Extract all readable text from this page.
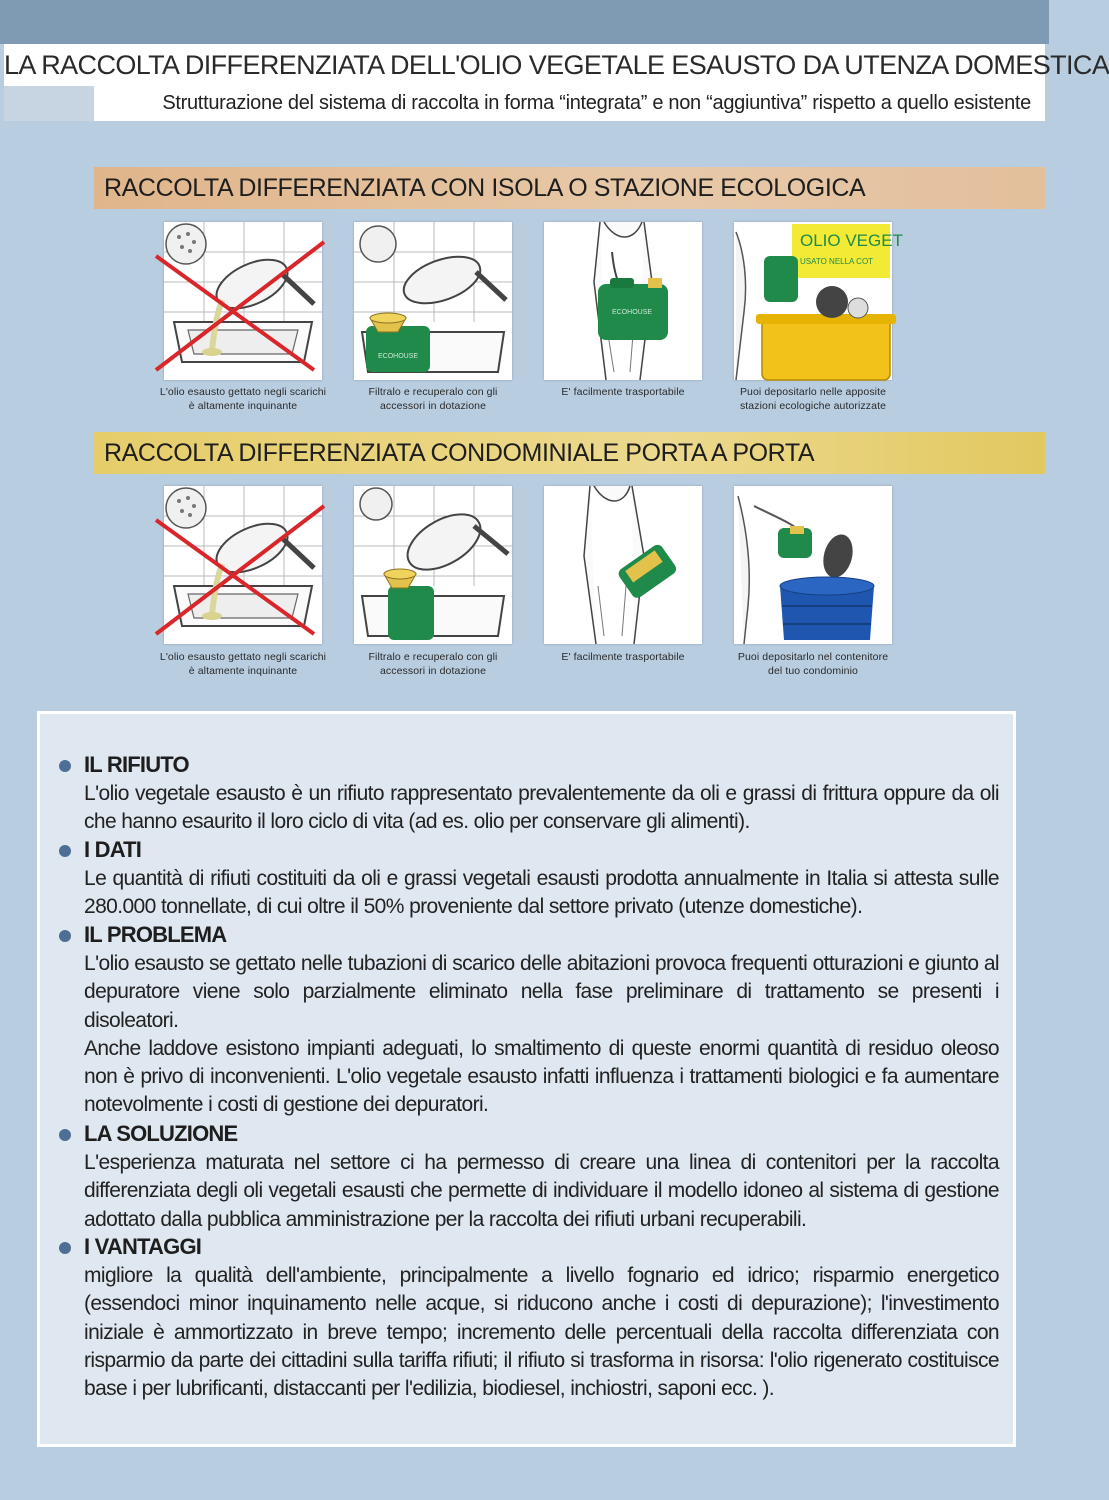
LA RACCOLTA DIFFERENZIATA DELL'OLIO VEGETALE ESAUSTO DA UTENZA DOMESTICA
Strutturazione del sistema di raccolta in forma “integrata” e non “aggiuntiva” rispetto a quello esistente
RACCOLTA DIFFERENZIATA CON ISOLA O STAZIONE ECOLOGICA
ECOHOUSE
ECOHOUSE
OLIO VEGET
USATO NELLA COT
L'olio esausto gettato negli scarichi
è altamente inquinante
Filtralo e recuperalo con gli
accessori in dotazione
E' facilmente trasportabile	Puoi depositarlo nelle apposite
stazioni ecologiche autorizzate
RACCOLTA DIFFERENZIATA CONDOMINIALE PORTA A PORTA
L'olio esausto gettato negli scarichi
è altamente inquinante
Filtralo e recuperalo con gli
accessori in dotazione
E' facilmente trasportabile	Puoi depositarlo nel contenitore
del tuo condominio
IL RIFIUTO

L'olio vegetale esausto è un rifiuto rappresentato prevalentemente da oli e grassi di frittura oppure da oli che hanno esaurito il loro ciclo di vita (ad es. olio per conservare gli alimenti).

I DATI

Le quantità di rifiuti costituiti da oli e grassi vegetali esausti prodotta annualmente in Italia si attesta sulle 280.000 tonnellate, di cui oltre il 50% proveniente dal settore privato (utenze domestiche).

IL PROBLEMA

L'olio esausto se gettato nelle tubazioni di scarico delle abitazioni provoca frequenti otturazioni e giunto al depuratore viene solo parzialmente eliminato nella fase preliminare di trattamento se presenti i disoleatori.

Anche laddove esistono impianti adeguati, lo smaltimento di queste enormi quantità di residuo oleoso non è privo di inconvenienti. L'olio vegetale esausto infatti influenza i trattamenti biologici e fa aumentare notevolmente i costi di gestione dei depuratori.

LA SOLUZIONE

L'esperienza maturata nel settore ci ha permesso di creare una linea di contenitori per la raccolta differenziata degli oli vegetali esausti che permette di individuare il modello idoneo al sistema di gestione adottato dalla pubblica amministrazione per la raccolta dei rifiuti urbani recuperabili.

I VANTAGGI

migliore la qualità dell'ambiente, principalmente a livello fognario ed idrico; risparmio energetico (essendoci minor inquinamento nelle acque, si riducono anche i costi di depurazione); l'investimento iniziale è ammortizzato in breve tempo; incremento delle percentuali della raccolta differenziata con risparmio da parte dei cittadini sulla tariffa rifiuti; il rifiuto si trasforma in risorsa: l'olio rigenerato costituisce base i per lubrificanti, distaccanti per l'edilizia, biodiesel, inchiostri, saponi ecc. ).
